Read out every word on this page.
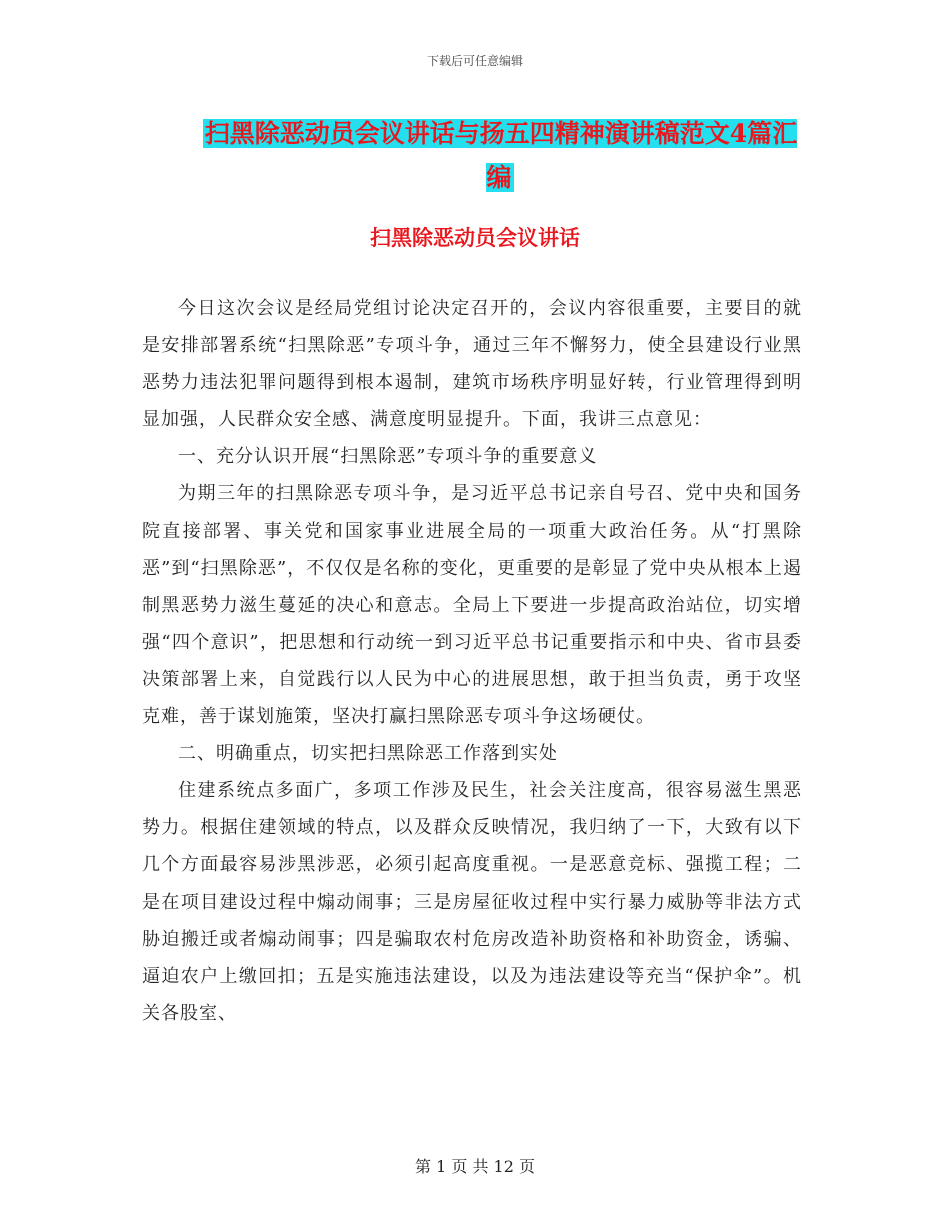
下载后可任意编辑
扫黑除恶动员会议讲话与扬五四精神演讲稿范文4篇汇编
扫黑除恶动员会议讲话

今日这次会议是经局党组讨论决定召开的，会议内容很重要，主要目的就是安排部署系统“扫黑除恶”专项斗争，通过三年不懈努力，使全县建设行业黑恶势力违法犯罪问题得到根本遏制，建筑市场秩序明显好转，行业管理得到明显加强，人民群众安全感、满意度明显提升。下面，我讲三点意见：

一、充分认识开展“扫黑除恶”专项斗争的重要意义

为期三年的扫黑除恶专项斗争，是习近平总书记亲自号召、党中央和国务院直接部署、事关党和国家事业进展全局的一项重大政治任务。从“打黑除恶”到“扫黑除恶”，不仅仅是名称的变化，更重要的是彰显了党中央从根本上遏制黑恶势力滋生蔓延的决心和意志。全局上下要进一步提高政治站位，切实增强“四个意识”，把思想和行动统一到习近平总书记重要指示和中央、省市县委决策部署上来，自觉践行以人民为中心的进展思想，敢于担当负责，勇于攻坚克难，善于谋划施策，坚决打赢扫黑除恶专项斗争这场硬仗。

二、明确重点，切实把扫黑除恶工作落到实处

住建系统点多面广，多项工作涉及民生，社会关注度高，很容易滋生黑恶势力。根据住建领域的特点，以及群众反映情况，我归纳了一下，大致有以下几个方面最容易涉黑涉恶，必须引起高度重视。一是恶意竞标、强揽工程；二是在项目建设过程中煽动闹事；三是房屋征收过程中实行暴力威胁等非法方式胁迫搬迁或者煽动闹事；四是骗取农村危房改造补助资格和补助资金，诱骗、逼迫农户上缴回扣；五是实施违法建设，以及为违法建设等充当“保护伞”。机关各股室、

第 1 页 共 12 页
